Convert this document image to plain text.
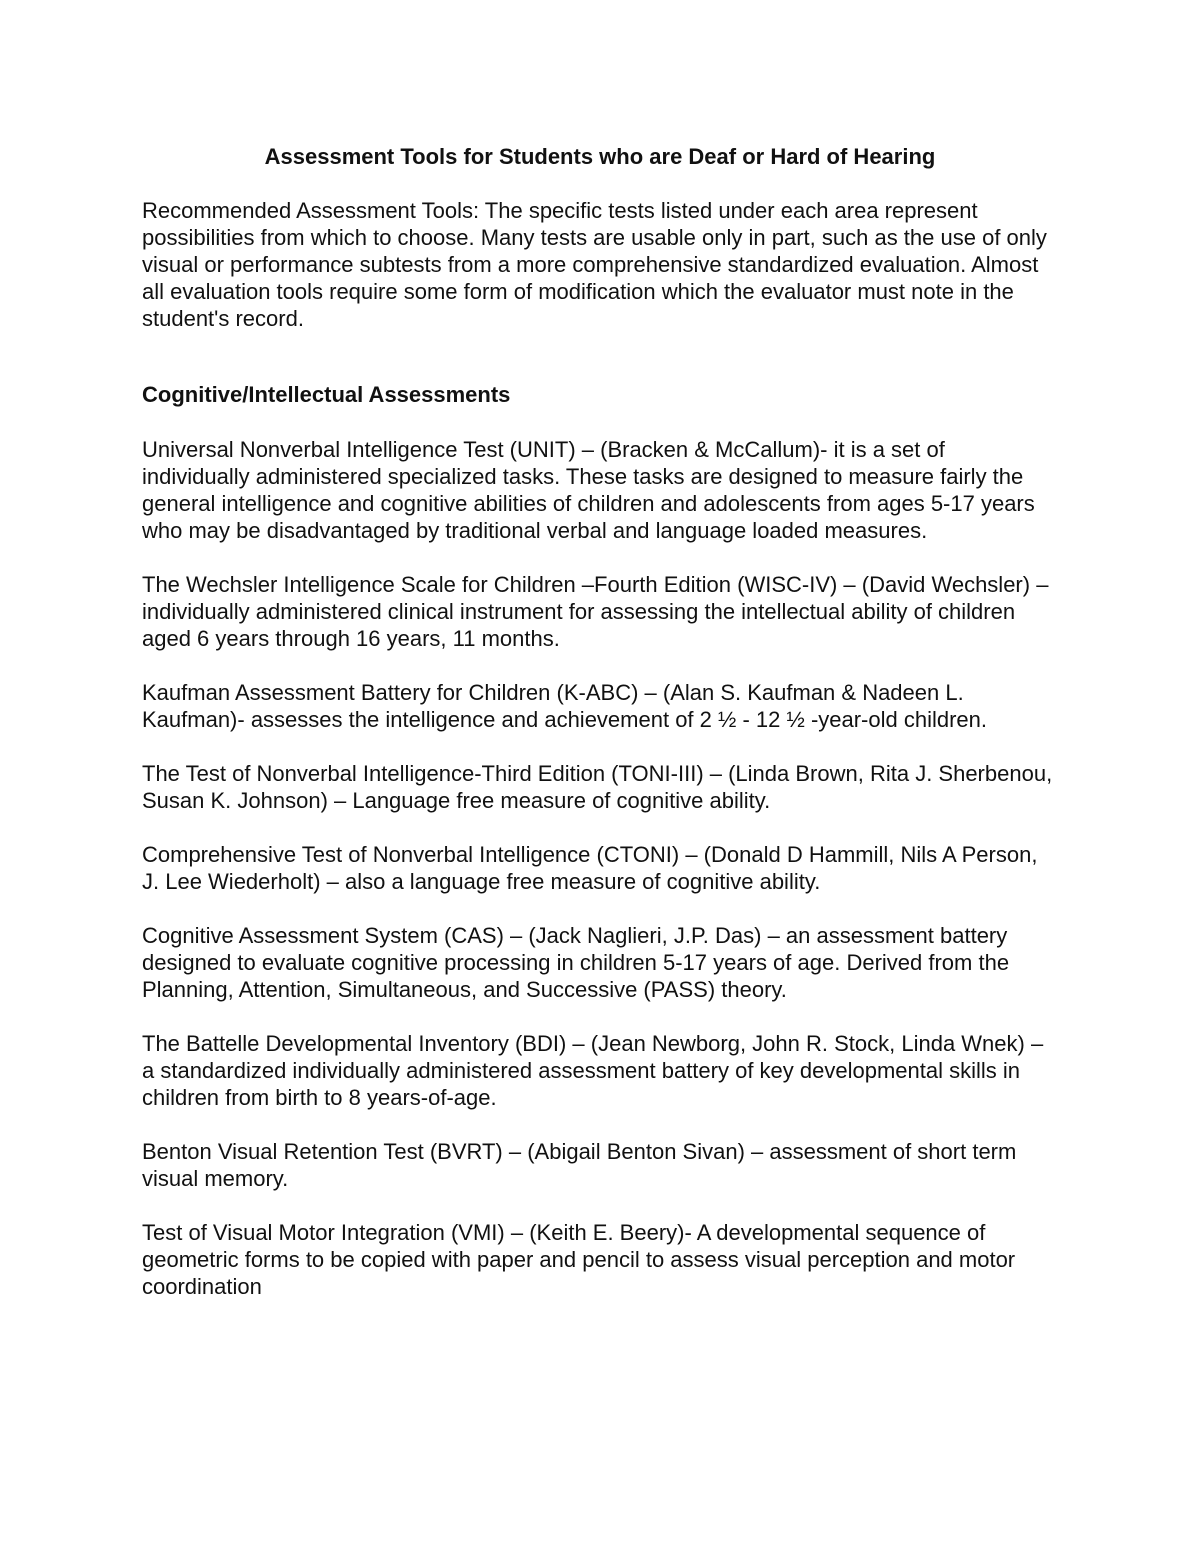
Assessment Tools for Students who are Deaf or Hard of Hearing

Recommended Assessment Tools: The specific tests listed under each area represent possibilities from which to choose. Many tests are usable only in part, such as the use of only visual or performance subtests from a more comprehensive standardized evaluation. Almost all evaluation tools require some form of modification which the evaluator must note in the student's record.

Cognitive/Intellectual Assessments
Universal Nonverbal Intelligence Test (UNIT) – (Bracken & McCallum)- it is a set of individually administered specialized tasks. These tasks are designed to measure fairly the general intelligence and cognitive abilities of children and adolescents from ages 5-17 years who may be disadvantaged by traditional verbal and language loaded measures.
The Wechsler Intelligence Scale for Children –Fourth Edition (WISC-IV) – (David Wechsler) – individually administered clinical instrument for assessing the intellectual ability of children aged 6 years through 16 years, 11 months.
Kaufman Assessment Battery for Children (K-ABC) – (Alan S. Kaufman & Nadeen L. Kaufman)- assesses the intelligence and achievement of 2 ½ - 12 ½ -year-old children.
The Test of Nonverbal Intelligence-Third Edition (TONI-III) – (Linda Brown, Rita J. Sherbenou, Susan K. Johnson) – Language free measure of cognitive ability.
Comprehensive Test of Nonverbal Intelligence (CTONI) – (Donald D Hammill, Nils A Person, J. Lee Wiederholt) – also a language free measure of cognitive ability.
Cognitive Assessment System (CAS) – (Jack Naglieri, J.P. Das) – an assessment battery designed to evaluate cognitive processing in children 5-17 years of age. Derived from the Planning, Attention, Simultaneous, and Successive (PASS) theory.
The Battelle Developmental Inventory (BDI) – (Jean Newborg, John R. Stock, Linda Wnek) – a standardized individually administered assessment battery of key developmental skills in children from birth to 8 years-of-age.
Benton Visual Retention Test (BVRT) – (Abigail Benton Sivan) – assessment of short term visual memory.
Test of Visual Motor Integration (VMI) – (Keith E. Beery)- A developmental sequence of geometric forms to be copied with paper and pencil to assess visual perception and motor coordination
